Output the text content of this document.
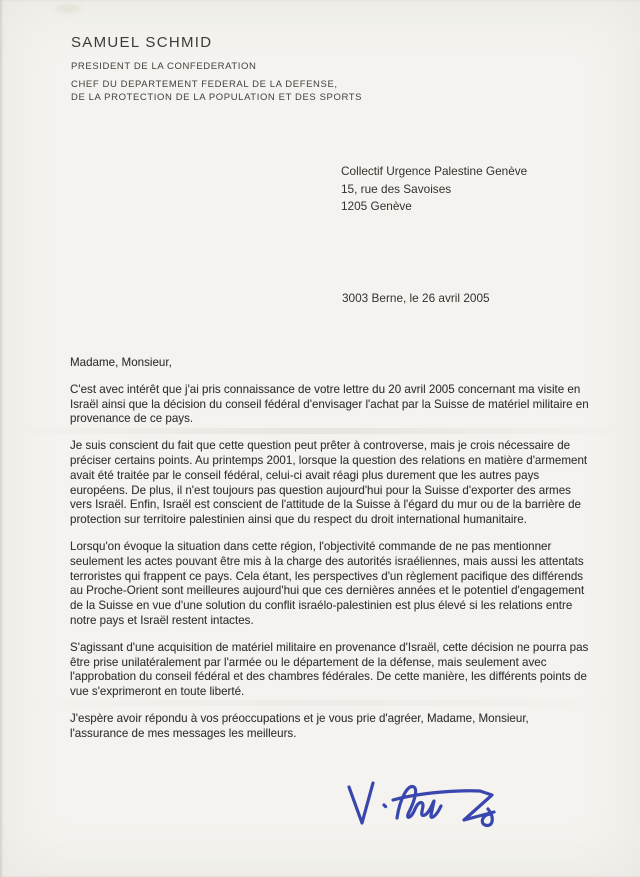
SAMUEL SCHMID

PRESIDENT DE LA CONFEDERATION

CHEF DU DEPARTEMENT FEDERAL DE LA DEFENSE,

DE LA PROTECTION DE LA POPULATION ET DES SPORTS

Collectif Urgence Palestine Genève
15, rue des Savoises
1205 Genève
3003 Berne, le 26 avril 2005

Madame, Monsieur,

C'est avec intérêt que j'ai pris connaissance de votre lettre du 20 avril 2005 concernant ma visite en Israël ainsi que la décision du conseil fédéral d'envisager l'achat par la Suisse de matériel militaire en provenance de ce pays.

Je suis conscient du fait que cette question peut prêter à controverse, mais je crois nécessaire de préciser certains points. Au printemps 2001, lorsque la question des relations en matière d'armement avait été traitée par le conseil fédéral, celui-ci avait réagi plus durement que les autres pays européens. De plus, il n'est toujours pas question aujourd'hui pour la Suisse d'exporter des armes vers Israël. Enfin, Israël est conscient de l'attitude de la Suisse à l'égard du mur ou de la barrière de protection sur territoire palestinien ainsi que du respect du droit international humanitaire.

Lorsqu'on évoque la situation dans cette région, l'objectivité commande de ne pas mentionner seulement les actes pouvant être mis à la charge des autorités israéliennes, mais aussi les attentats terroristes qui frappent ce pays. Cela étant, les perspectives d'un règlement pacifique des différends au Proche-Orient sont meilleures aujourd'hui que ces dernières années et le potentiel d'engagement de la Suisse en vue d'une solution du conflit israélo-palestinien est plus élevé si les relations entre notre pays et Israël restent intactes.

S'agissant d'une acquisition de matériel militaire en provenance d'Israël, cette décision ne pourra pas être prise unilatéralement par l'armée ou le département de la défense, mais seulement avec l'approbation du conseil fédéral et des chambres fédérales. De cette manière, les différents points de vue s'exprimeront en toute liberté.

J'espère avoir répondu à vos préoccupations et je vous prie d'agréer, Madame, Monsieur, l'assurance de mes messages les meilleurs.
